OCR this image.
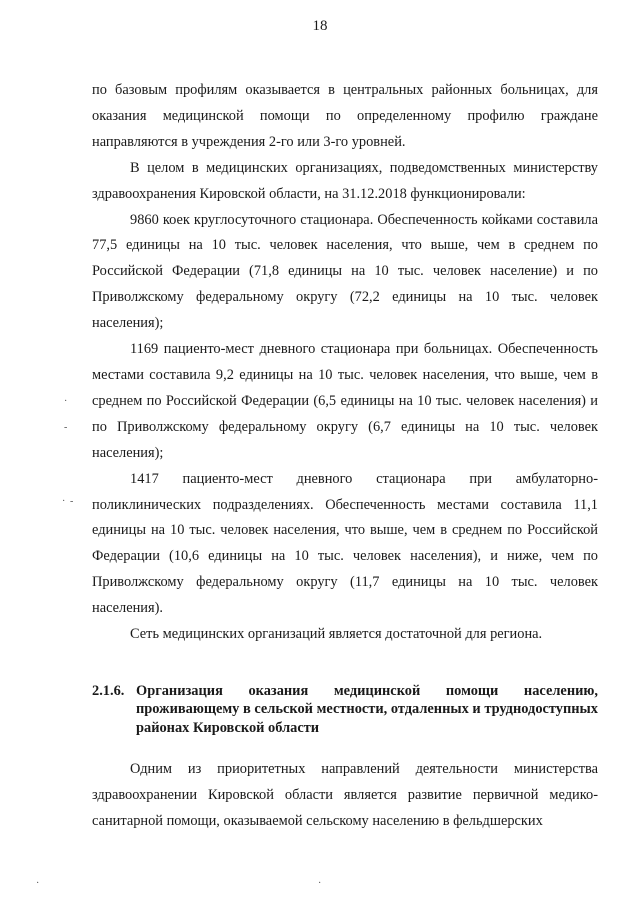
18

по базовым профилям оказывается в центральных районных больницах, для оказания медицинской помощи по определенному профилю граждане направляются в учреждения 2-го или 3-го уровней.

В целом в медицинских организациях, подведомственных министерству здравоохранения Кировской области, на 31.12.2018 функционировали:

9860 коек круглосуточного стационара. Обеспеченность койками составила 77,5 единицы на 10 тыс. человек населения, что выше, чем в среднем по Российской Федерации (71,8 единицы на 10 тыс. человек население) и по Приволжскому федеральному округу (72,2 единицы на 10 тыс. человек населения);

1169 пациенто-мест дневного стационара при больницах. Обеспеченность местами составила 9,2 единицы на 10 тыс. человек населения, что выше, чем в среднем по Российской Федерации (6,5 единицы на 10 тыс. человек населения) и по Приволжскому федеральному округу (6,7 единицы на 10 тыс. человек населения);

1417 пациенто-мест дневного стационара при амбулаторно-поликлинических подразделениях. Обеспеченность местами составила 11,1 единицы на 10 тыс. человек населения, что выше, чем в среднем по Российской Федерации (10,6 единицы на 10 тыс. человек населения), и ниже, чем по Приволжскому федеральному округу (11,7 единицы на 10 тыс. человек населения).

Сеть медицинских организаций является достаточной для региона.

2.1.6. Организация оказания медицинской помощи населению, проживающему в сельской местности, отдаленных и труднодоступных районах Кировской области

Одним из приоритетных направлений деятельности министерства здравоохранении Кировской области является развитие первичной медико-санитарной помощи, оказываемой сельскому населению в фельдшерских

·
-
· -
·	·
